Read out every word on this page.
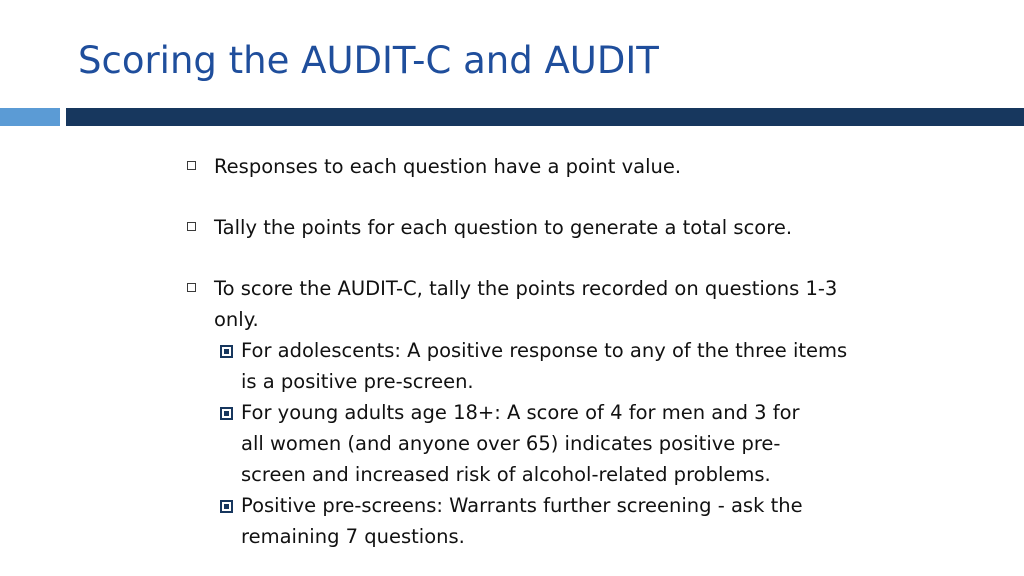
Scoring the AUDIT-C and AUDIT
Responses to each question have a point value.
Tally the points for each question to generate a total score.
To score the AUDIT-C, tally the points recorded on questions 1-3
only.
For adolescents: A positive response to any of the three items
is a positive pre-screen.
For young adults age 18+: A score of 4 for men and 3 for
all women (and anyone over 65) indicates positive pre-
screen and increased risk of alcohol-related problems.
Positive pre-screens: Warrants further screening - ask the
remaining 7 questions.
